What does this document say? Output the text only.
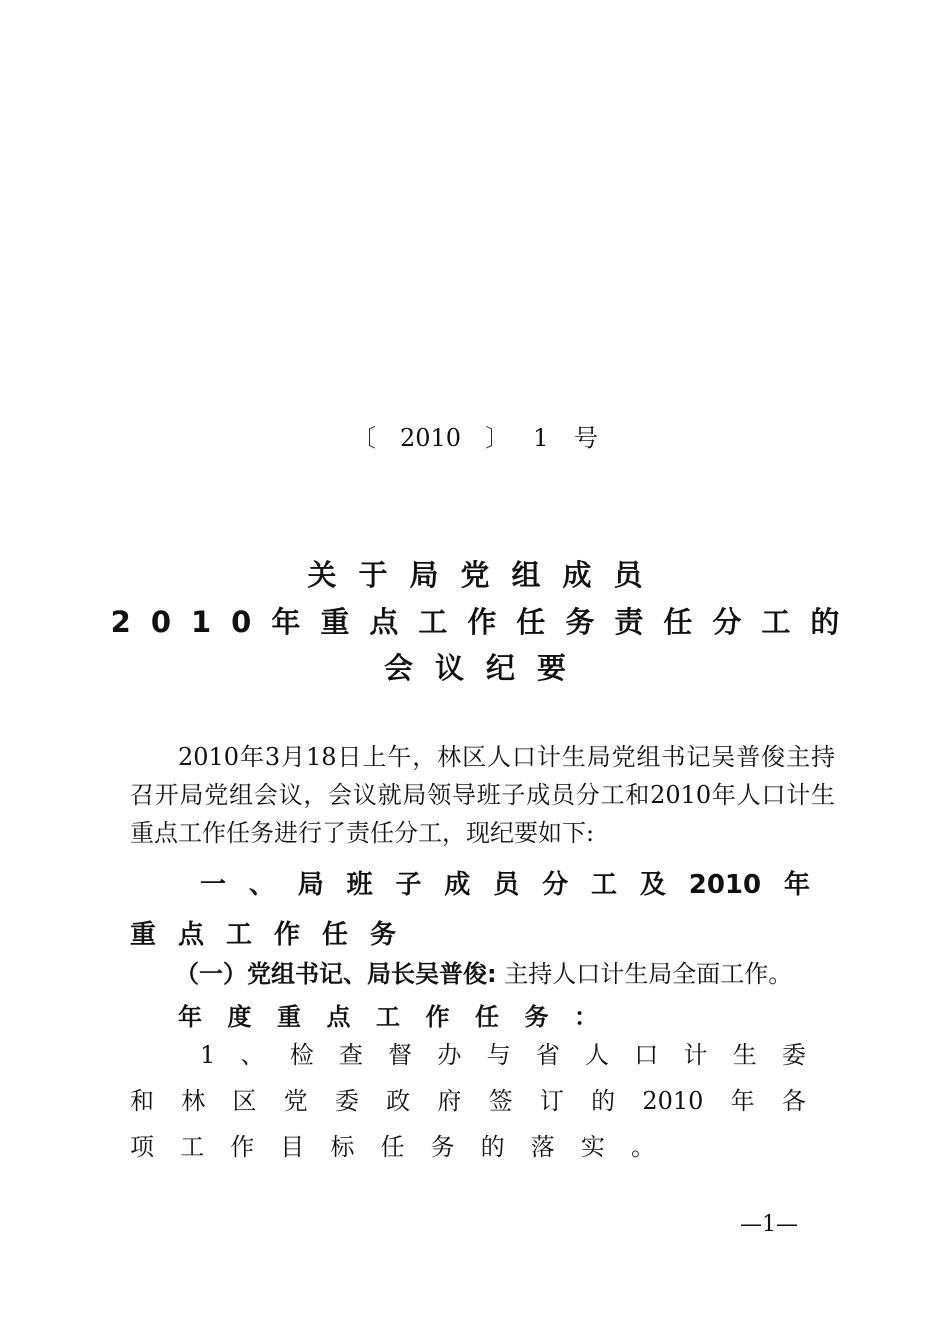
〔 2010 〕 1 号
关于局党组成员
2010年重点工作任务责任分工的
会议纪要
2010年3月18日上午，林区人口计生局党组书记吴普俊主持召开局党组会议，会议就局领导班子成员分工和2010年人口计生重点工作任务进行了责任分工，现纪要如下:
一 、 局 班 子 成 员 分 工 及 2010 年
重点工作任务
（一）党组书记、局长吴普俊: 主持人口计生局全面工作。
年 度 重 点 工 作 任 务 ：
1 、 检 查 督 办 与 省 人 口 计 生 委
和 林 区 党 委 政 府 签 订 的 2010 年 各
项 工 作 目 标 任 务 的 落 实 。
—1—
